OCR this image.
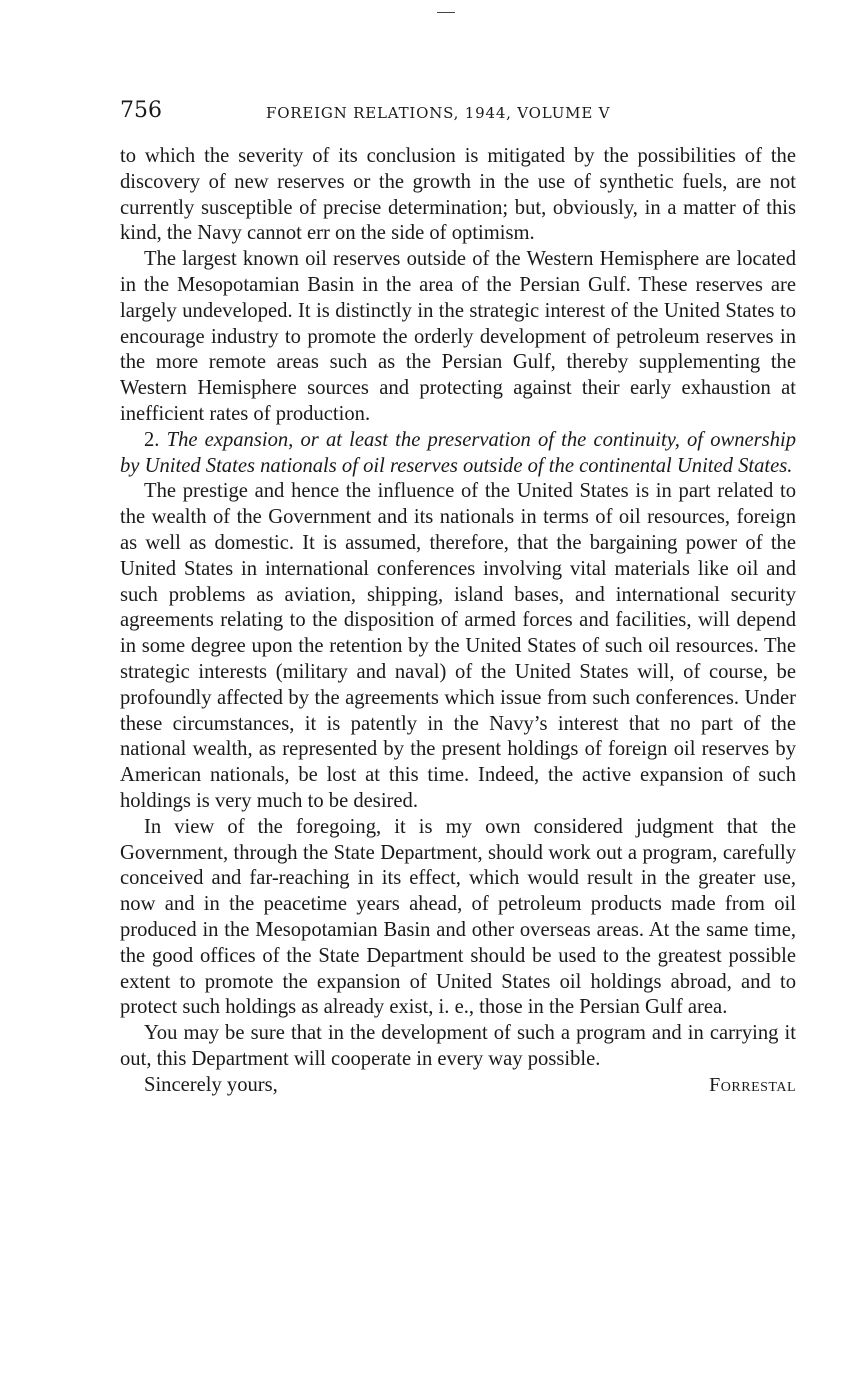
756	FOREIGN RELATIONS, 1944, VOLUME V

to which the severity of its conclusion is mitigated by the possibilities of the discovery of new reserves or the growth in the use of synthetic fuels, are not currently susceptible of precise determination; but, obviously, in a matter of this kind, the Navy cannot err on the side of optimism.

The largest known oil reserves outside of the Western Hemisphere are located in the Mesopotamian Basin in the area of the Persian Gulf. These reserves are largely undeveloped. It is distinctly in the strategic interest of the United States to encourage industry to promote the orderly development of petroleum reserves in the more remote areas such as the Persian Gulf, thereby supplementing the Western Hemisphere sources and protecting against their early exhaustion at inefficient rates of production.

2. The expansion, or at least the preservation of the continuity, of ownership by United States nationals of oil reserves outside of the continental United States.

The prestige and hence the influence of the United States is in part related to the wealth of the Government and its nationals in terms of oil resources, foreign as well as domestic. It is assumed, therefore, that the bargaining power of the United States in international conferences involving vital materials like oil and such problems as aviation, shipping, island bases, and international security agreements relating to the disposition of armed forces and facilities, will depend in some degree upon the retention by the United States of such oil resources. The strategic interests (military and naval) of the United States will, of course, be profoundly affected by the agreements which issue from such conferences. Under these circumstances, it is patently in the Navy’s interest that no part of the national wealth, as represented by the present holdings of foreign oil reserves by American nationals, be lost at this time. Indeed, the active expansion of such holdings is very much to be desired.

In view of the foregoing, it is my own considered judgment that the Government, through the State Department, should work out a program, carefully conceived and far-reaching in its effect, which would result in the greater use, now and in the peacetime years ahead, of petroleum products made from oil produced in the Mesopotamian Basin and other overseas areas. At the same time, the good offices of the State Department should be used to the greatest possible extent to promote the expansion of United States oil holdings abroad, and to protect such holdings as already exist, i. e., those in the Persian Gulf area.

You may be sure that in the development of such a program and in carrying it out, this Department will cooperate in every way possible.

Sincerely yours,	Forrestal
